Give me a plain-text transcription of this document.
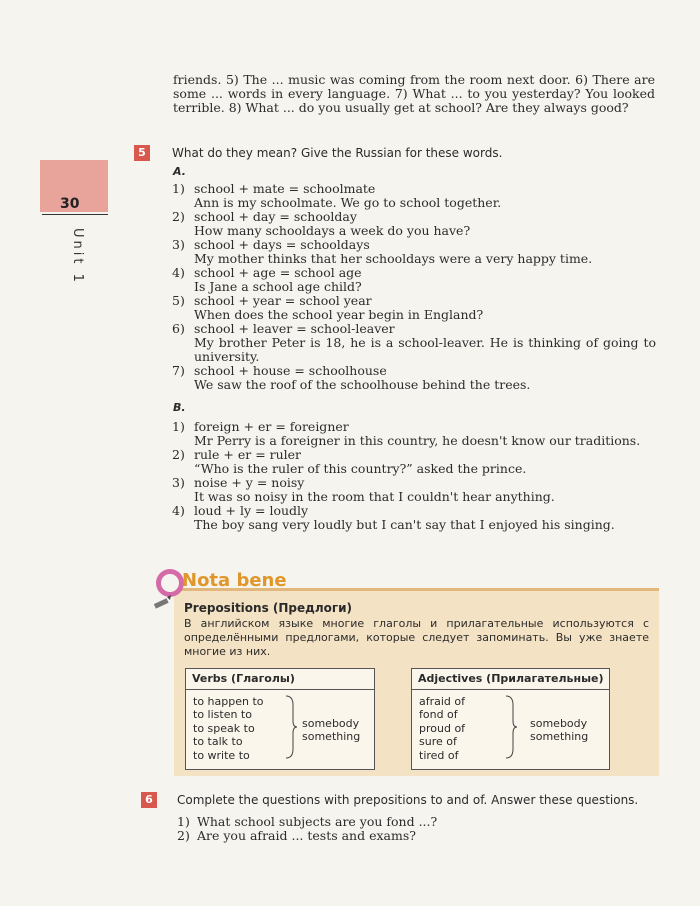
30
Unit 1
friends. 5) The ... music was coming from the room next door. 6) There are some ... words in every language. 7) What ... to you yesterday? You looked terrible. 8) What ... do you usually get at school? Are they always good?
5	What do they mean? Give the Russian for these words.
A.
1) school + mate = schoolmate
Ann is my schoolmate. We go to school together.
2) school + day = schoolday
How many schooldays a week do you have?
3) school + days = schooldays
My mother thinks that her schooldays were a very happy time.
4) school + age = school age
Is Jane a school age child?
5) school + year = school year
When does the school year begin in England?
6) school + leaver = school-leaver
My brother Peter is 18, he is a school-leaver. He is thinking of going to university.
7) school + house = schoolhouse
We saw the roof of the schoolhouse behind the trees.
B.
1) foreign + er = foreigner
Mr Perry is a foreigner in this country, he doesn't know our traditions.
2) rule + er = ruler
“Who is the ruler of this country?” asked the prince.
3) noise + y = noisy
It was so noisy in the room that I couldn't hear anything.
4) loud + ly = loudly
The boy sang very loudly but I can't say that I enjoyed his singing.
Nota bene
Prepositions (Предлоги)
В английском языке многие глаголы и прилагательные используются с определёнными предлогами, которые следует запоминать. Вы уже знаете многие из них.
Verbs (Глаголы)
to happen to
to listen to
to speak to
to talk to
to write to
somebody
something
Adjectives (Прилагательные)
afraid of
fond of
proud of
sure of
tired of
somebody
something
6	Complete the questions with prepositions to and of. Answer these questions.
1) What school subjects are you fond ...?
2) Are you afraid ... tests and exams?
